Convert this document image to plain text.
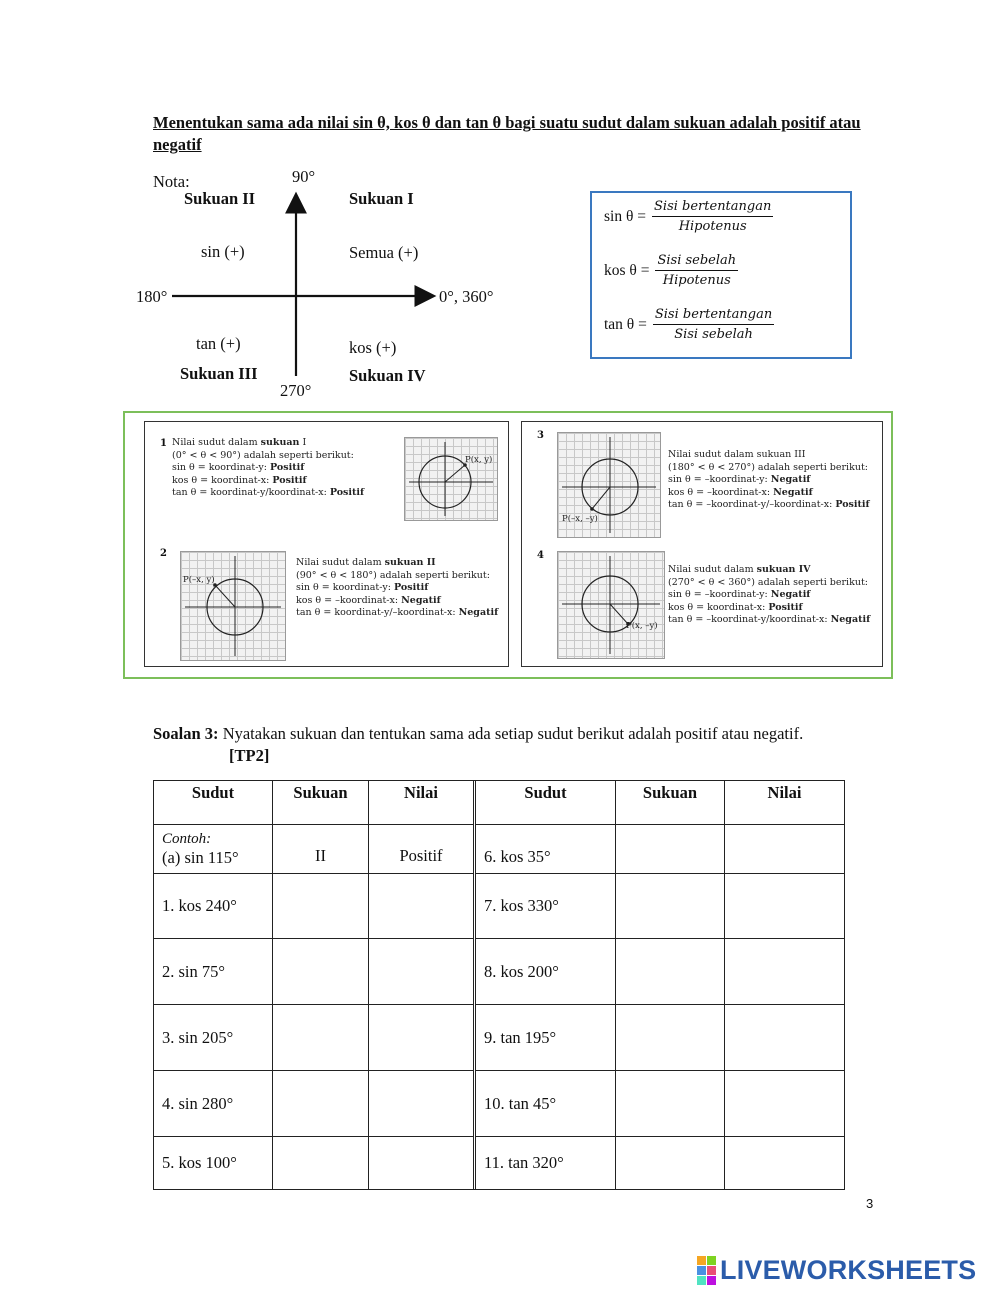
Menentukan sama ada nilai sin θ, kos θ dan tan θ bagi suatu sudut dalam sukuan adalah positif atau negatif
Nota:	90°
180°	0°, 360°
270°
Sukuan II	Sukuan I
sin (+)	Semua (+)
tan (+)	kos (+)
Sukuan III	Sukuan IV
$\sin \theta = \frac{\text{Sisi bertentangan}}{\text{Hipotenus}}$
kos $\theta = \frac{\text{Sisi sebelah}}{\text{Hipotenus}}$
$\tan \theta = \frac{\text{Sisi bertentangan}}{\text{Sisi sebelah}}$
1 Nilai sudut dalam sukuan I
(0° < θ < 90°) adalah seperti berikut:
sin θ = koordinat-y: Positif
kos θ = koordinat-x: Positif
tan θ = koordinat-y/koordinat-x: Positif
P(x, y)
2
P(–x, y)
Nilai sudut dalam sukuan II
(90° < θ < 180°) adalah seperti berikut:
sin θ = koordinat-y: Positif
kos θ = –koordinat-x: Negatif
tan θ = koordinat-y/–koordinat-x: Negatif
3
P(–x, –y)
Nilai sudut dalam sukuan III
(180° < θ < 270°) adalah seperti berikut:
sin θ = –koordinat-y: Negatif
kos θ = –koordinat-x: Negatif
tan θ = –koordinat-y/–koordinat-x: Positif
4
P(x, –y)
Nilai sudut dalam sukuan IV
(270° < θ < 360°) adalah seperti berikut:
sin θ = –koordinat-y: Negatif
kos θ = koordinat-x: Positif
tan θ = –koordinat-y/koordinat-x: Negatif
Soalan 3: Nyatakan sukuan dan tentukan sama ada setiap sudut berikut adalah positif atau negatif.
[TP2]
Sudut	Sukuan	Nilai		Sudut	Sukuan	Nilai

Contoh:
(a) sin 115°	II	Positif		6. kos 35°		
1. kos 240°				7. kos 330°		
2. sin 75°				8. kos 200°		
3. sin 205°				9. tan 195°		
4. sin 280°				10. tan 45°		
5. kos 100°				11. tan 320°		
3
LIVEWORKSHEETS
